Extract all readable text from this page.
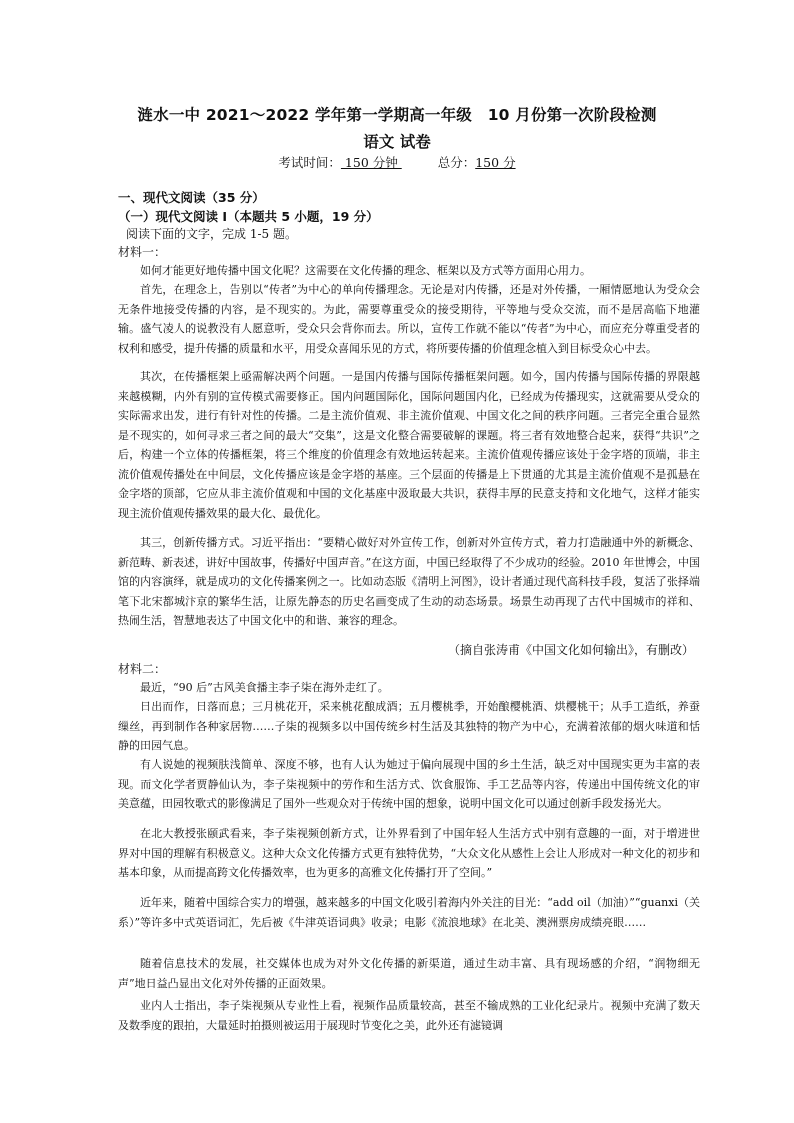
涟水一中 2021～2022 学年第一学期高一年级　10 月份第一次阶段检测
语文 试卷
考试时间： 150 分钟	总分：150 分
一、现代文阅读（35 分）
（一）现代文阅读 I（本题共 5 小题，19 分）
阅读下面的文字，完成 1-5 题。
材料一：
如何才能更好地传播中国文化呢？这需要在文化传播的理念、框架以及方式等方面用心用力。
首先，在理念上，告别以“传者”为中心的单向传播理念。无论是对内传播，还是对外传播，一厢情愿地认为受众会无条件地接受传播的内容，是不现实的。为此，需要尊重受众的接受期待，平等地与受众交流，而不是居高临下地灌输。盛气凌人的说教没有人愿意听，受众只会背你而去。所以，宣传工作就不能以“传者”为中心，而应充分尊重受者的权利和感受，提升传播的质量和水平，用受众喜闻乐见的方式，将所要传播的价值理念植入到目标受众心中去。
其次，在传播框架上亟需解决两个问题。一是国内传播与国际传播框架问题。如今，国内传播与国际传播的界限越来越模糊，内外有别的宣传模式需要修正。国内问题国际化，国际问题国内化，已经成为传播现实，这就需要从受众的实际需求出发，进行有针对性的传播。二是主流价值观、非主流价值观、中国文化之间的秩序问题。三者完全重合显然是不现实的，如何寻求三者之间的最大“交集”，这是文化整合需要破解的课题。将三者有效地整合起来，获得“共识”之后，构建一个立体的传播框架，将三个维度的价值理念有效地运转起来。主流价值观传播应该处于金字塔的顶端，非主流价值观传播处在中间层，文化传播应该是金字塔的基座。三个层面的传播是上下贯通的尤其是主流价值观不是孤悬在金字塔的顶部，它应从非主流价值观和中国的文化基座中汲取最大共识，获得丰厚的民意支持和文化地气，这样才能实现主流价值观传播效果的最大化、最优化。
其三，创新传播方式。习近平指出：“要精心做好对外宣传工作，创新对外宣传方式，着力打造融通中外的新概念、新范畴、新表述，讲好中国故事，传播好中国声音。”在这方面，中国已经取得了不少成功的经验。2010 年世博会，中国馆的内容演绎，就是成功的文化传播案例之一。比如动态版《清明上河图》，设计者通过现代高科技手段，复活了张择端笔下北宋都城汴京的繁华生活，让原先静态的历史名画变成了生动的动态场景。场景生动再现了古代中国城市的祥和、热闹生活，智慧地表达了中国文化中的和谐、兼容的理念。
（摘自张涛甫《中国文化如何输出》，有删改）
材料二：
最近，“90 后”古风美食播主李子柒在海外走红了。
日出而作，日落而息；三月桃花开，采来桃花酿成酒；五月樱桃季，开始酿樱桃酒、烘樱桃干；从手工造纸，养蚕缫丝，再到制作各种家居物……子柒的视频多以中国传统乡村生活及其独特的物产为中心，充满着浓郁的烟火味道和恬静的田园气息。
有人说她的视频肤浅简单、深度不够，也有人认为她过于偏向展现中国的乡土生活，缺乏对中国现实更为丰富的表现。而文化学者贾静仙认为，李子柒视频中的劳作和生活方式、饮食服饰、手工艺品等内容，传递出中国传统文化的审美意蕴，田园牧歌式的影像满足了国外一些观众对于传统中国的想象，说明中国文化可以通过创新手段发扬光大。
在北大教授张颐武看来，李子柒视频创新方式，让外界看到了中国年轻人生活方式中别有意趣的一面，对于增进世界对中国的理解有积极意义。这种大众文化传播方式更有独特优势，“大众文化从感性上会让人形成对一种文化的初步和基本印象，从而提高跨文化传播效率，也为更多的高雅文化传播打开了空间。”
近年来，随着中国综合实力的增强，越来越多的中国文化吸引着海内外关注的目光：“add oil（加油）”“guanxi（关系）”等许多中式英语词汇，先后被《牛津英语词典》收录；电影《流浪地球》在北美、澳洲票房成绩亮眼……
随着信息技术的发展，社交媒体也成为对外文化传播的新渠道，通过生动丰富、具有现场感的介绍，“润物细无声”地日益凸显出文化对外传播的正面效果。
业内人士指出，李子柒视频从专业性上看，视频作品质量较高，甚至不输成熟的工业化纪录片。视频中充满了数天及数季度的跟拍，大量延时拍摄则被运用于展现时节变化之美，此外还有滤镜调
